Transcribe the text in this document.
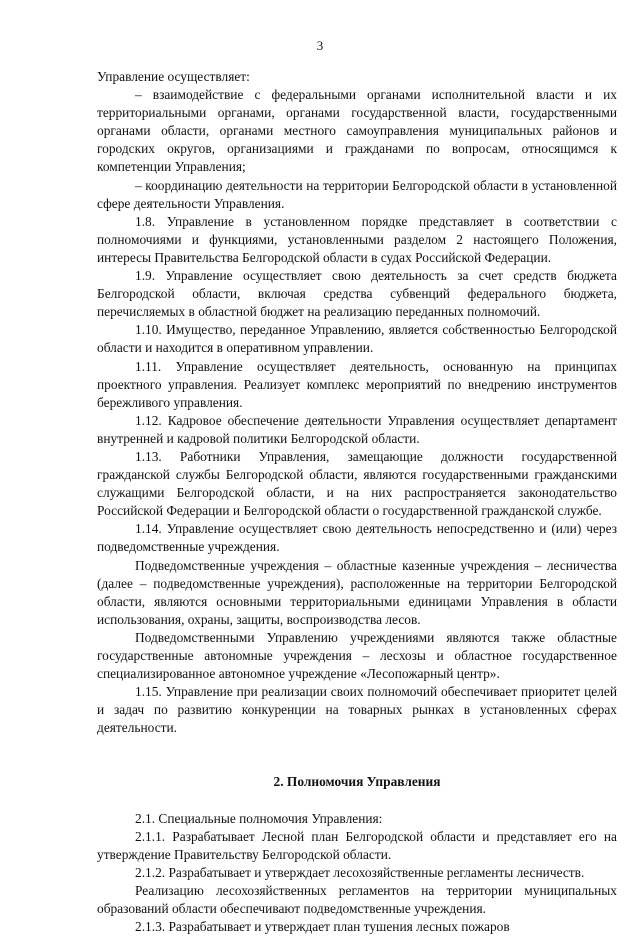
3

Управление осуществляет:

– взаимодействие с федеральными органами исполнительной власти и их территориальными органами, органами государственной власти, государственными органами области, органами местного самоуправления муниципальных районов и городских округов, организациями и гражданами по вопросам, относящимся к компетенции Управления;

– координацию деятельности на территории Белгородской области в установленной сфере деятельности Управления.

1.8. Управление в установленном порядке представляет в соответствии с полномочиями и функциями, установленными разделом 2 настоящего Положения, интересы Правительства Белгородской области в судах Российской Федерации.

1.9. Управление осуществляет свою деятельность за счет средств бюджета Белгородской области, включая средства субвенций федерального бюджета, перечисляемых в областной бюджет на реализацию переданных полномочий.

1.10. Имущество, переданное Управлению, является собственностью Белгородской области и находится в оперативном управлении.

1.11. Управление осуществляет деятельность, основанную на принципах проектного управления. Реализует комплекс мероприятий по внедрению инструментов бережливого управления.

1.12. Кадровое обеспечение деятельности Управления осуществляет департамент внутренней и кадровой политики Белгородской области.

1.13. Работники Управления, замещающие должности государственной гражданской службы Белгородской области, являются государственными гражданскими служащими Белгородской области, и на них распространяется законодательство Российской Федерации и Белгородской области о государственной гражданской службе.

1.14. Управление осуществляет свою деятельность непосредственно и (или) через подведомственные учреждения.

Подведомственные учреждения – областные казенные учреждения – лесничества (далее – подведомственные учреждения), расположенные на территории Белгородской области, являются основными территориальными единицами Управления в области использования, охраны, защиты, воспроизводства лесов.

Подведомственными Управлению учреждениями являются также областные государственные автономные учреждения – лесхозы и областное государственное специализированное автономное учреждение «Лесопожарный центр».

1.15. Управление при реализации своих полномочий обеспечивает приоритет целей и задач по развитию конкуренции на товарных рынках в установленных сферах деятельности.

2. Полномочия Управления

2.1. Специальные полномочия Управления:

2.1.1. Разрабатывает Лесной план Белгородской области и представляет его на утверждение Правительству Белгородской области.

2.1.2. Разрабатывает и утверждает лесохозяйственные регламенты лесничеств.

Реализацию лесохозяйственных регламентов на территории муниципальных образований области обеспечивают подведомственные учреждения.

2.1.3. Разрабатывает и утверждает план тушения лесных пожаров
